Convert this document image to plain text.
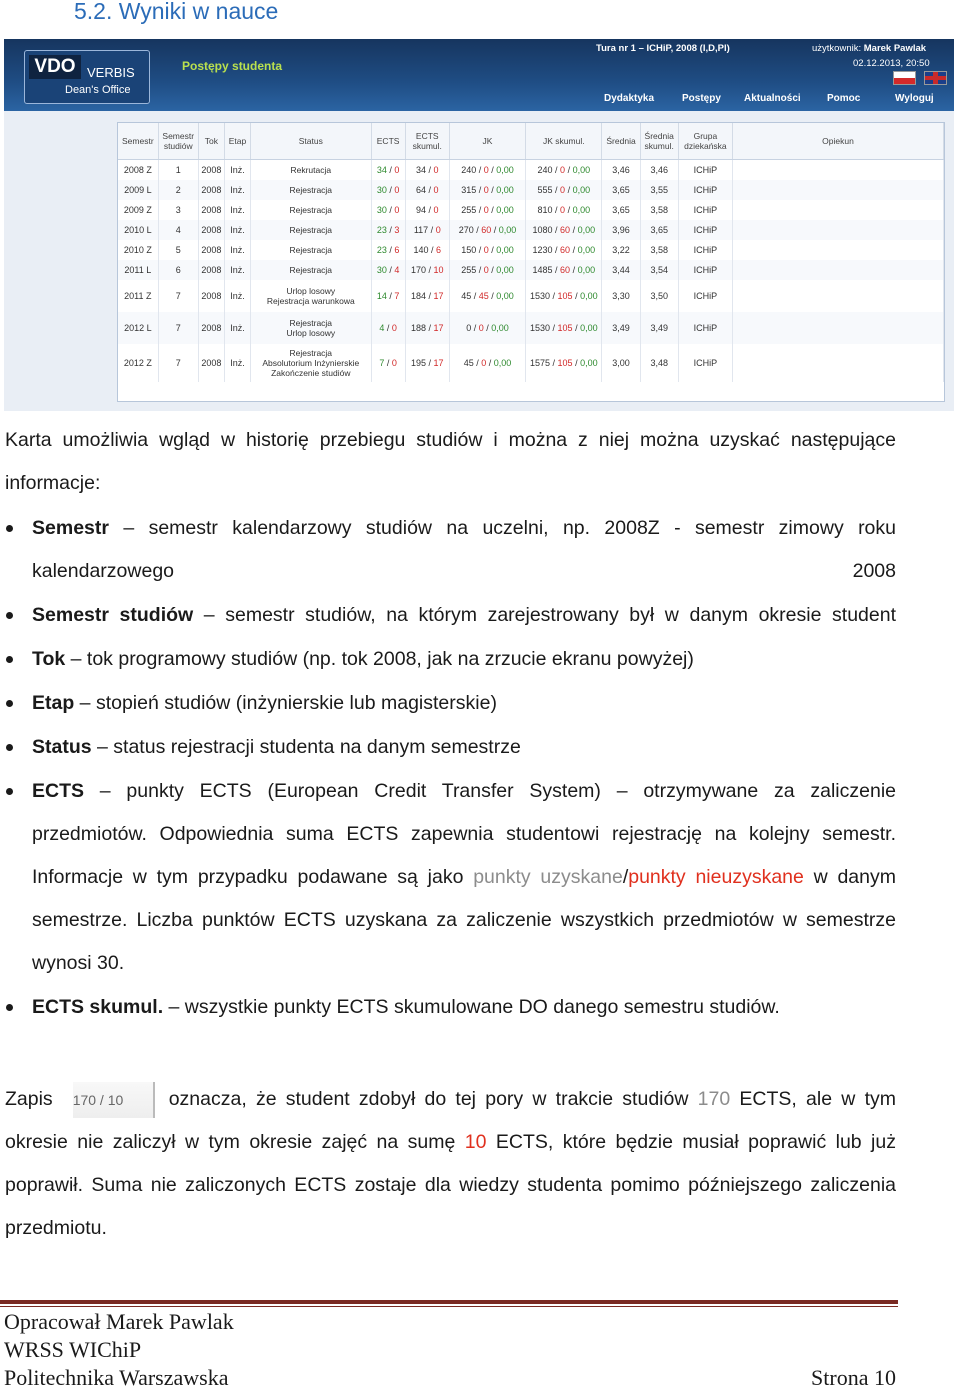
5.2. Wyniki w nauce
VDO VERBIS
Dean's Office
Postępy studenta
Tura nr 1 – ICHiP, 2008 (I,D,Pl)	użytkownik: Marek Pawlak
02.12.2013, 20:50

Dydaktyka	Postępy Aktualności	Pomoc	Wyloguj
Semestr	Semestr studiów	Tok	Etap	Status	ECTS	ECTS skumul.	JK	JK skumul.	Średnia	Średnia skumul.	Grupa dziekańska	Opiekun
2008 Z	1	2008	Inż.	Rekrutacja	34 / 0	34 / 0	240 / 0 / 0,00	240 / 0 / 0,00	3,46	3,46	ICHiP	
2009 L	2	2008	Inż.	Rejestracja	30 / 0	64 / 0	315 / 0 / 0,00	555 / 0 / 0,00	3,65	3,55	ICHiP	
2009 Z	3	2008	Inż.	Rejestracja	30 / 0	94 / 0	255 / 0 / 0,00	810 / 0 / 0,00	3,65	3,58	ICHiP	
2010 L	4	2008	Inż.	Rejestracja	23 / 3	117 / 0	270 / 60 / 0,00	1080 / 60 / 0,00	3,96	3,65	ICHiP	
2010 Z	5	2008	Inż.	Rejestracja	23 / 6	140 / 6	150 / 0 / 0,00	1230 / 60 / 0,00	3,22	3,58	ICHiP	
2011 L	6	2008	Inż.	Rejestracja	30 / 4	170 / 10	255 / 0 / 0,00	1485 / 60 / 0,00	3,44	3,54	ICHiP	
2011 Z	7	2008	Inż.	Urlop losowy
Rejestracja warunkowa	14 / 7	184 / 17	45 / 45 / 0,00	1530 / 105 / 0,00	3,30	3,50	ICHiP	
2012 L	7	2008	Inż.	Rejestracja
Urlop losowy	4 / 0	188 / 17	0 / 0 / 0,00	1530 / 105 / 0,00	3,49	3,49	ICHiP	
2012 Z	7	2008	Inż.	Rejestracja
Absolutorium Inżynierskie
Zakończenie studiów	7 / 0	195 / 17	45 / 0 / 0,00	1575 / 105 / 0,00	3,00	3,48	ICHiP	

Karta umożliwia wgląd w historię przebiegu studiów i można z niej można uzyskać następujące informacje:

Semestr – semestr kalendarzowy studiów na uczelni, np. 2008Z - semestr zimowy roku kalendarzowego 2008
Semestr studiów – semestr studiów, na którym zarejestrowany był w danym okresie student
Tok – tok programowy studiów (np. tok 2008, jak na zrzucie ekranu powyżej)
Etap – stopień studiów (inżynierskie lub magisterskie)
Status – status rejestracji studenta na danym semestrze
ECTS – punkty ECTS (European Credit Transfer System) – otrzymywane za zaliczenie przedmiotów. Odpowiednia suma ECTS zapewnia studentowi rejestrację na kolejny semestr. Informacje w tym przypadku podawane są jako punkty uzyskane/punkty nieuzyskane w danym semestrze. Liczba punktów ECTS uzyskana za zaliczenie wszystkich przedmiotów w semestrze wynosi 30.
ECTS skumul. – wszystkie punkty ECTS skumulowane DO danego semestru studiów.

Zapis 170 / 10 oznacza, że student zdobył do tej pory w trakcie studiów 170 ECTS, ale w tym okresie nie zaliczył w tym okresie zajęć na sumę 10 ECTS, które będzie musiał poprawić lub już poprawił. Suma nie zaliczonych ECTS zostaje dla wiedzy studenta pomimo późniejszego zaliczenia przedmiotu.

Opracował Marek Pawlak
WRSS WIChiP
Politechnika Warszawska	Strona 10
